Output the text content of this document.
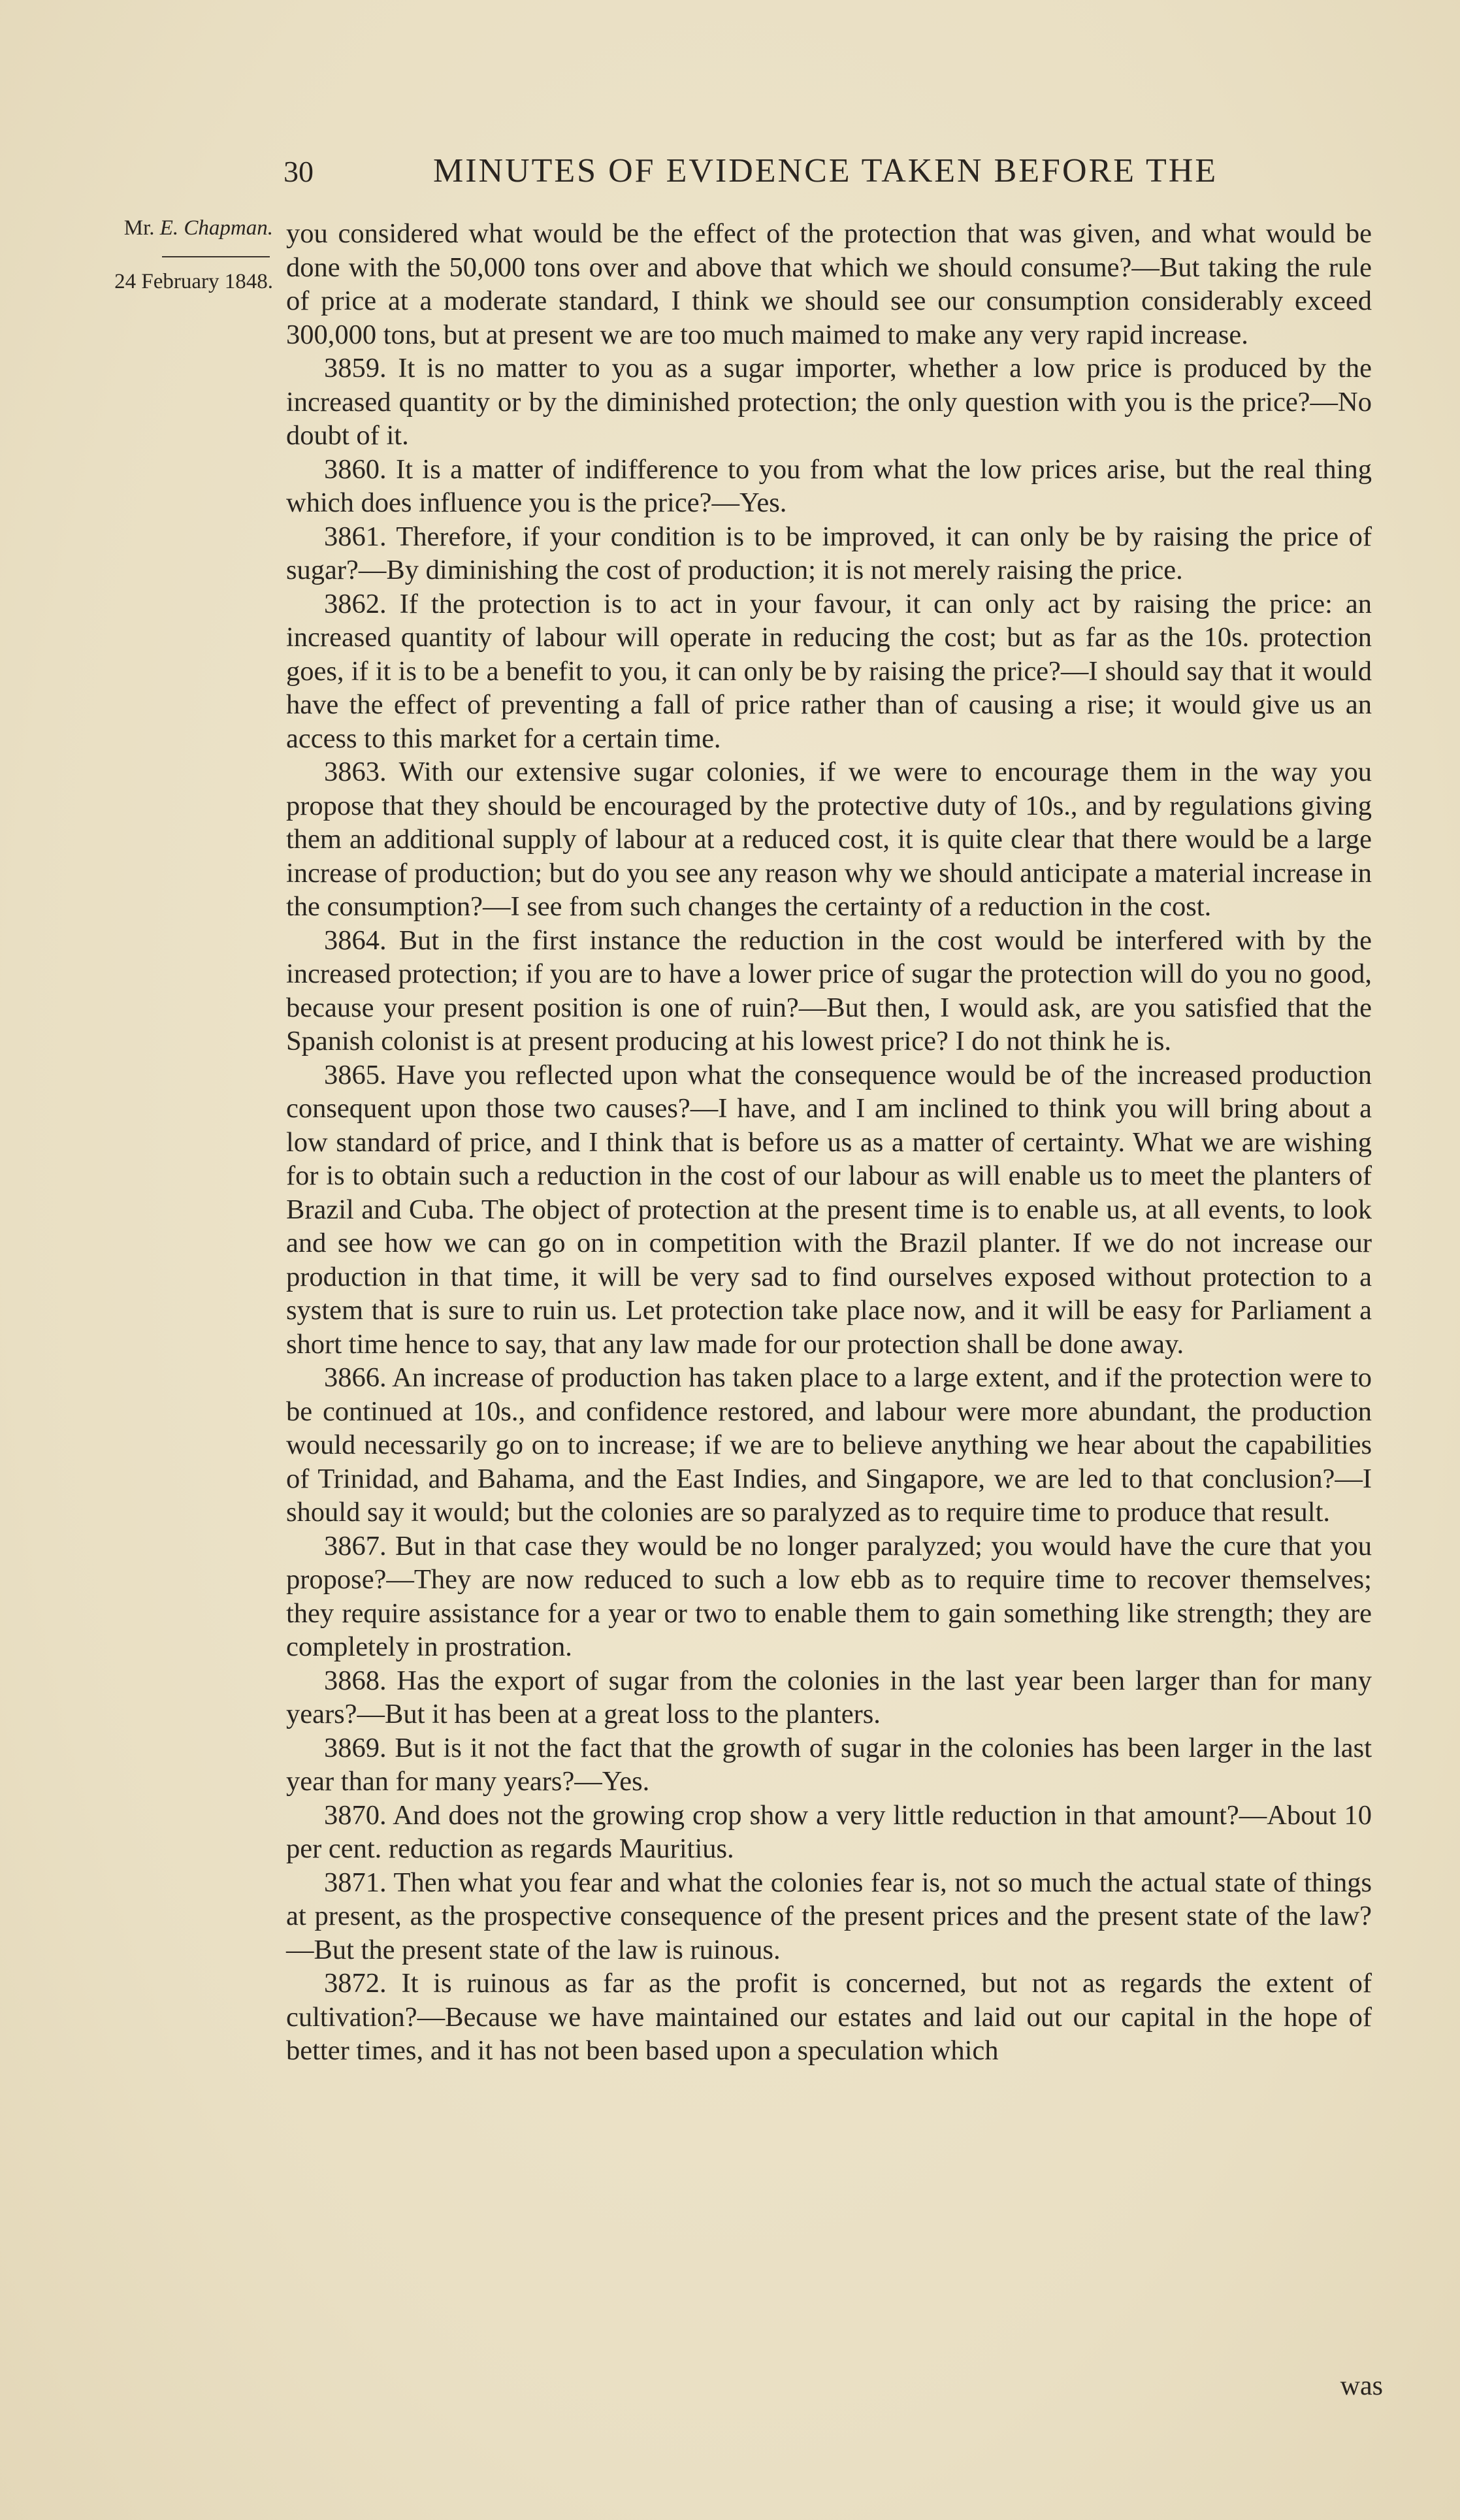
30	MINUTES OF EVIDENCE TAKEN BEFORE THE
Mr. E. Chapman.
24 February 1848.

you considered what would be the effect of the protection that was given, and what would be done with the 50,000 tons over and above that which we should consume?—But taking the rule of price at a moderate standard, I think we should see our consumption considerably exceed 300,000 tons, but at present we are too much maimed to make any very rapid increase.

3859. It is no matter to you as a sugar importer, whether a low price is produced by the increased quantity or by the diminished protection; the only question with you is the price?—No doubt of it.

3860. It is a matter of indifference to you from what the low prices arise, but the real thing which does influence you is the price?—Yes.

3861. Therefore, if your condition is to be improved, it can only be by raising the price of sugar?—By diminishing the cost of production; it is not merely raising the price.

3862. If the protection is to act in your favour, it can only act by raising the price: an increased quantity of labour will operate in reducing the cost; but as far as the 10s. protection goes, if it is to be a benefit to you, it can only be by raising the price?—I should say that it would have the effect of preventing a fall of price rather than of causing a rise; it would give us an access to this market for a certain time.

3863. With our extensive sugar colonies, if we were to encourage them in the way you propose that they should be encouraged by the protective duty of 10s., and by regulations giving them an additional supply of labour at a reduced cost, it is quite clear that there would be a large increase of production; but do you see any reason why we should anticipate a material increase in the consumption?—I see from such changes the certainty of a reduction in the cost.

3864. But in the first instance the reduction in the cost would be interfered with by the increased protection; if you are to have a lower price of sugar the protection will do you no good, because your present position is one of ruin?—But then, I would ask, are you satisfied that the Spanish colonist is at present producing at his lowest price? I do not think he is.

3865. Have you reflected upon what the consequence would be of the increased production consequent upon those two causes?—I have, and I am inclined to think you will bring about a low standard of price, and I think that is before us as a matter of certainty. What we are wishing for is to obtain such a reduction in the cost of our labour as will enable us to meet the planters of Brazil and Cuba. The object of protection at the present time is to enable us, at all events, to look and see how we can go on in competition with the Brazil planter. If we do not increase our production in that time, it will be very sad to find ourselves exposed without protection to a system that is sure to ruin us. Let protection take place now, and it will be easy for Parliament a short time hence to say, that any law made for our protection shall be done away.

3866. An increase of production has taken place to a large extent, and if the protection were to be continued at 10s., and confidence restored, and labour were more abundant, the production would necessarily go on to increase; if we are to believe anything we hear about the capabilities of Trinidad, and Bahama, and the East Indies, and Singapore, we are led to that conclusion?—I should say it would; but the colonies are so paralyzed as to require time to produce that result.

3867. But in that case they would be no longer paralyzed; you would have the cure that you propose?—They are now reduced to such a low ebb as to require time to recover themselves; they require assistance for a year or two to enable them to gain something like strength; they are completely in prostration.

3868. Has the export of sugar from the colonies in the last year been larger than for many years?—But it has been at a great loss to the planters.

3869. But is it not the fact that the growth of sugar in the colonies has been larger in the last year than for many years?—Yes.

3870. And does not the growing crop show a very little reduction in that amount?—About 10 per cent. reduction as regards Mauritius.

3871. Then what you fear and what the colonies fear is, not so much the actual state of things at present, as the prospective consequence of the present prices and the present state of the law?—But the present state of the law is ruinous.

3872. It is ruinous as far as the profit is concerned, but not as regards the extent of cultivation?—Because we have maintained our estates and laid out our capital in the hope of better times, and it has not been based upon a speculation which

was
